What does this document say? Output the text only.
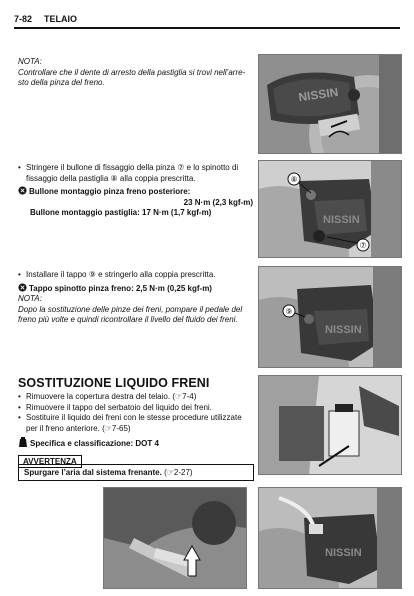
7-82 TELAIO
NOTA:
Controllare che il dente di arresto della pastiglia si trovi nell’arre-
sto della pinza del freno.
NISSIN
• Stringere il bullone di fissaggio della pinza ⑦ e lo spinotto di
fissaggio della pastiglia ⑧ alla coppia prescritta.
Bullone montaggio pinza freno posteriore:
23 N·m (2,3 kgf-m)
Bullone montaggio pastiglia: 17 N·m (1,7 kgf-m)
NISSIN
⑧
⑦
• Installare il tappo ⑨ e stringerlo alla coppia prescritta.
Tappo spinotto pinza freno: 2,5 N·m (0,25 kgf-m)
NOTA:
Dopo la sostituzione delle pinze dei freni, pompare il pedale del
freno più volte e quindi ricontrollare il livello del fluido dei freni.
NISSIN
⑨
SOSTITUZIONE LIQUIDO FRENI
• Rimuovere la copertura destra del telaio. (☞7-4)
• Rimuovere il tappo del serbatoio del liquido dei freni.
• Sostituire il liquido dei freni con le stesse procedure utilizzate
per il freno anteriore. (☞7-65)
Specifica e classificazione: DOT 4
AVVERTENZA
Spurgare l’aria dal sistema frenante. (☞2-27)
NISSIN
